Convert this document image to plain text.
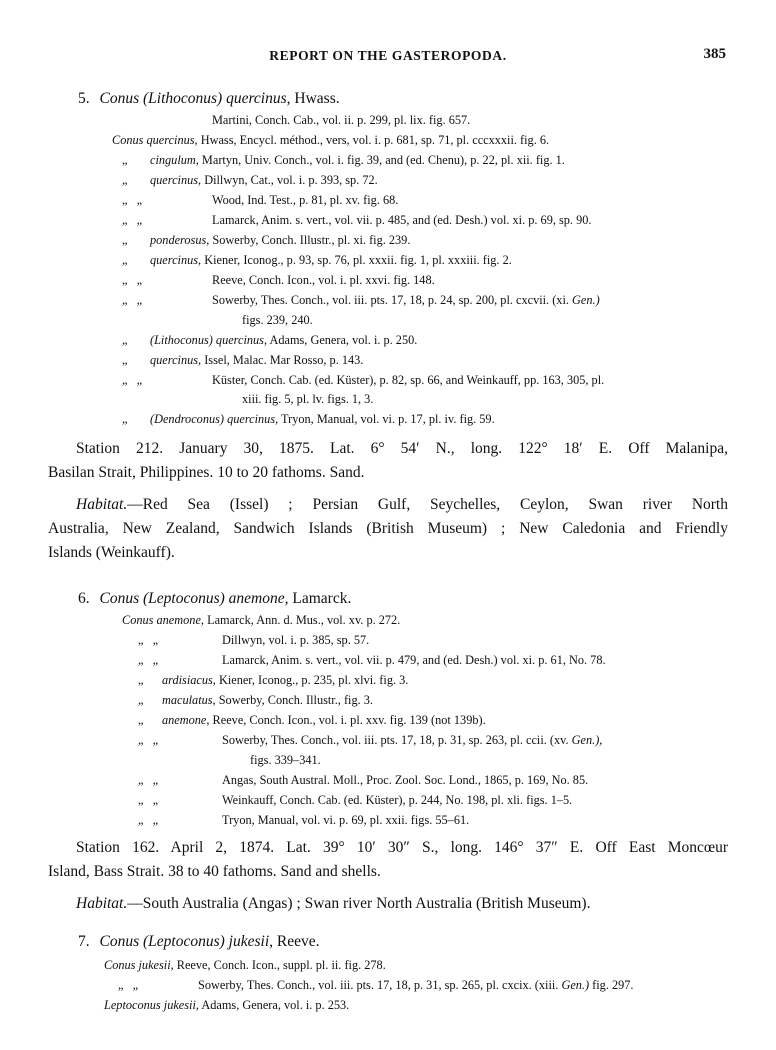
REPORT ON THE GASTEROPODA.	385
5. Conus (Lithoconus) quercinus, Hwass.
Martini, Conch. Cab., vol. ii. p. 299, pl. lix. fig. 657.
Conus quercinus, Hwass, Encycl. méthod., vers, vol. i. p. 681, sp. 71, pl. cccxxxii. fig. 6.
„ cingulum, Martyn, Univ. Conch., vol. i. fig. 39, and (ed. Chenu), p. 22, pl. xii. fig. 1.
„ quercinus, Dillwyn, Cat., vol. i. p. 393, sp. 72.
„   „	Wood, Ind. Test., p. 81, pl. xv. fig. 68.
„   „	Lamarck, Anim. s. vert., vol. vii. p. 485, and (ed. Desh.) vol. xi. p. 69, sp. 90.
„ ponderosus, Sowerby, Conch. Illustr., pl. xi. fig. 239.
„ quercinus, Kiener, Iconog., p. 93, sp. 76, pl. xxxii. fig. 1, pl. xxxiii. fig. 2.
„   „	Reeve, Conch. Icon., vol. i. pl. xxvi. fig. 148.
„   „	Sowerby, Thes. Conch., vol. iii. pts. 17, 18, p. 24, sp. 200, pl. cxcvii. (xi. Gen.)
figs. 239, 240.
„ (Lithoconus) quercinus, Adams, Genera, vol. i. p. 250.
„ quercinus, Issel, Malac. Mar Rosso, p. 143.
„   „	Küster, Conch. Cab. (ed. Küster), p. 82, sp. 66, and Weinkauff, pp. 163, 305, pl.
xiii. fig. 5, pl. lv. figs. 1, 3.
„ (Dendroconus) quercinus, Tryon, Manual, vol. vi. p. 17, pl. iv. fig. 59.
Station 212. January 30, 1875. Lat. 6° 54′ N., long. 122° 18′ E. Off Malanipa,
Basilan Strait, Philippines. 10 to 20 fathoms. Sand.
Habitat.—Red Sea (Issel) ; Persian Gulf, Seychelles, Ceylon, Swan river North
Australia, New Zealand, Sandwich Islands (British Museum) ; New Caledonia and Friendly
Islands (Weinkauff).
6. Conus (Leptoconus) anemone, Lamarck.
Conus anemone, Lamarck, Ann. d. Mus., vol. xv. p. 272.
„   „	Dillwyn, vol. i. p. 385, sp. 57.
„   „	Lamarck, Anim. s. vert., vol. vii. p. 479, and (ed. Desh.) vol. xi. p. 61, No. 78.
„ ardisiacus, Kiener, Iconog., p. 235, pl. xlvi. fig. 3.
„ maculatus, Sowerby, Conch. Illustr., fig. 3.
„ anemone, Reeve, Conch. Icon., vol. i. pl. xxv. fig. 139 (not 139b).
„   „	Sowerby, Thes. Conch., vol. iii. pts. 17, 18, p. 31, sp. 263, pl. ccii. (xv. Gen.),
figs. 339–341.
„   „	Angas, South Austral. Moll., Proc. Zool. Soc. Lond., 1865, p. 169, No. 85.
„   „	Weinkauff, Conch. Cab. (ed. Küster), p. 244, No. 198, pl. xli. figs. 1–5.
„   „	Tryon, Manual, vol. vi. p. 69, pl. xxii. figs. 55–61.
Station 162. April 2, 1874. Lat. 39° 10′ 30″ S., long. 146° 37″ E. Off East Moncœur
Island, Bass Strait. 38 to 40 fathoms. Sand and shells.
Habitat.—South Australia (Angas) ; Swan river North Australia (British Museum).
7. Conus (Leptoconus) jukesii, Reeve.
Conus jukesii, Reeve, Conch. Icon., suppl. pl. ii. fig. 278.
„   „	Sowerby, Thes. Conch., vol. iii. pts. 17, 18, p. 31, sp. 265, pl. cxcix. (xiii. Gen.) fig. 297.
Leptoconus jukesii, Adams, Genera, vol. i. p. 253.
